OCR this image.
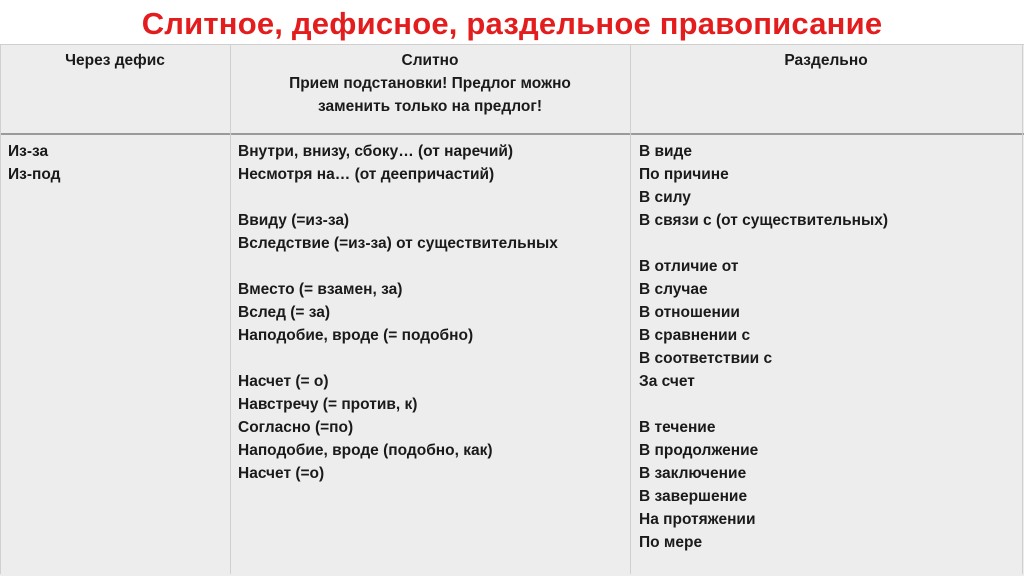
Слитное, дефисное, раздельное правописание
Через дефис	Слитно
Прием подстановки! Предлог можно
заменить только на предлог!
Раздельно
Из-за
Из-под
Внутри, внизу, сбоку… (от наречий)
Несмотря на… (от деепричастий)
Ввиду (=из-за)
Вследствие (=из-за) от существительных
Вместо (= взамен, за)
Вслед (= за)
Наподобие, вроде (= подобно)
Насчет (= о)
Навстречу (= против, к)
Согласно (=по)
Наподобие, вроде (подобно, как)
Насчет (=о)
В виде
По причине
В силу
В связи с (от существительных)
В отличие от
В случае
В отношении
В сравнении с
В соответствии с
За счет
В течение
В продолжение
В заключение
В завершение
На протяжении
По мере
